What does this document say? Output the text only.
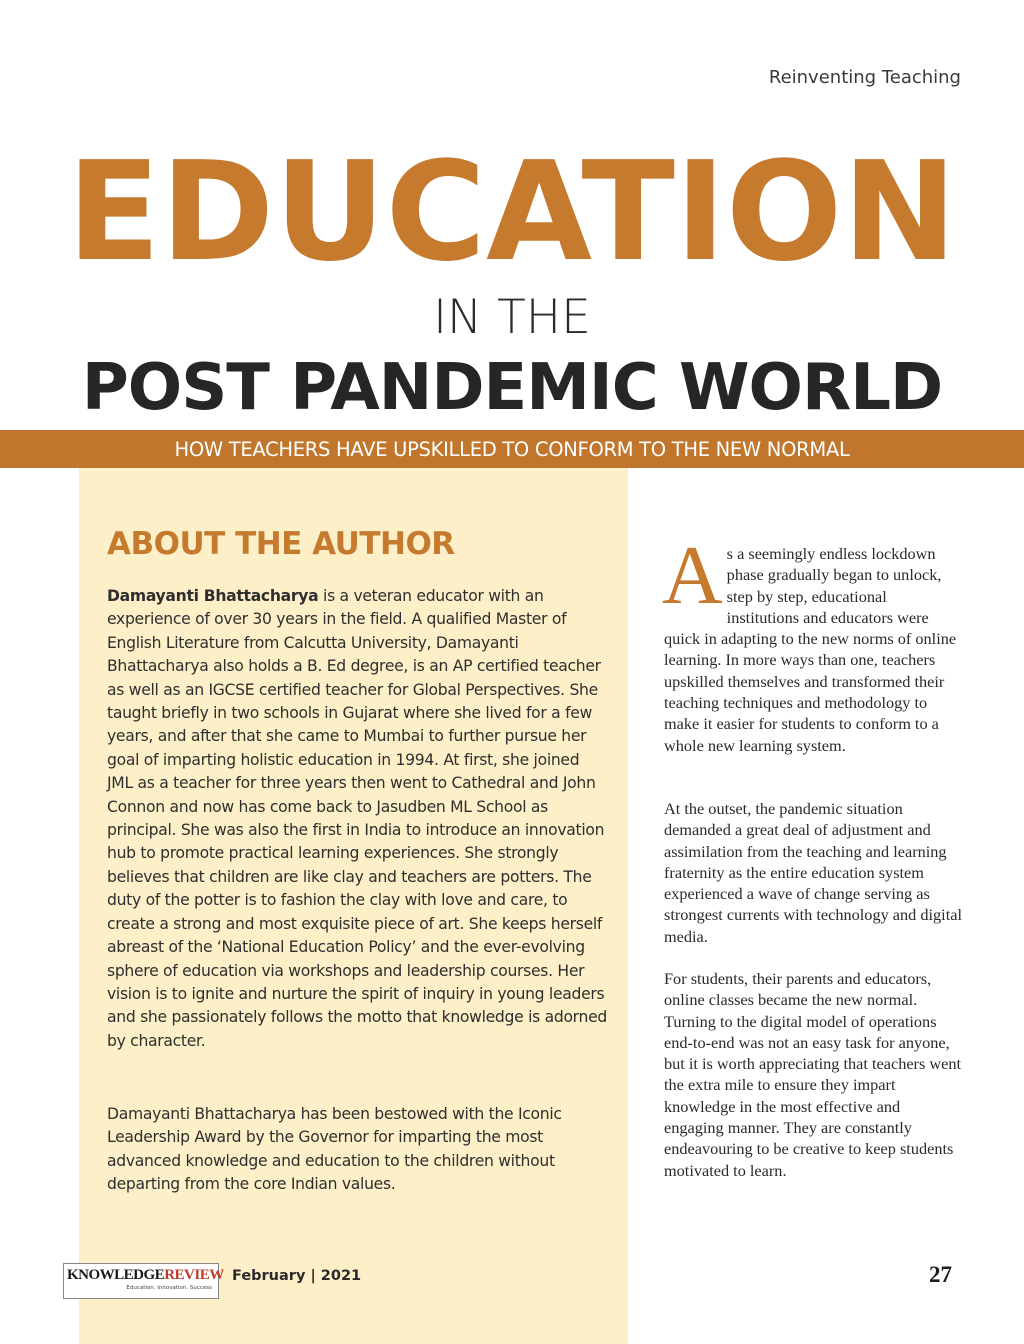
Reinventing Teaching
EDUCATION
IN THE
POST PANDEMIC WORLD
HOW TEACHERS HAVE UPSKILLED TO CONFORM TO THE NEW NORMAL
ABOUT THE AUTHOR

Damayanti Bhattacharya is a veteran educator with an experience of over 30 years in the field. A qualified Master of English Literature from Calcutta University, Damayanti Bhattacharya also holds a B. Ed degree, is an AP certified teacher as well as an IGCSE certified teacher for Global Perspectives. She taught briefly in two schools in Gujarat where she lived for a few years, and after that she came to Mumbai to further pursue her goal of imparting holistic education in 1994. At first, she joined JML as a teacher for three years then went to Cathedral and John Connon and now has come back to Jasudben ML School as principal. She was also the first in India to introduce an innovation hub to promote practical learning experiences. She strongly believes that children are like clay and teachers are potters. The duty of the potter is to fashion the clay with love and care, to create a strong and most exquisite piece of art. She keeps herself abreast of the ‘National Education Policy’ and the ever-evolving sphere of education via workshops and leadership courses. Her vision is to ignite and nurture the spirit of inquiry in young leaders and she passionately follows the motto that knowledge is adorned by character.

Damayanti Bhattacharya has been bestowed with the Iconic Leadership Award by the Governor for imparting the most advanced knowledge and education to the children without departing from the core Indian values.

As a seemingly endless lockdown phase gradually began to unlock, step by step, educational institutions and educators were quick in adapting to the new norms of online learning. In more ways than one, teachers upskilled themselves and transformed their teaching techniques and methodology to make it easier for students to conform to a whole new learning system.

At the outset, the pandemic situation demanded a great deal of adjustment and assimilation from the teaching and learning fraternity as the entire education system experienced a wave of change serving as strongest currents with technology and digital media.

For students, their parents and educators, online classes became the new normal. Turning to the digital model of operations end-to-end was not an easy task for anyone, but it is worth appreciating that teachers went the extra mile to ensure they impart knowledge in the most effective and engaging manner. They are constantly endeavouring to be creative to keep students motivated to learn.

KNOWLEDGEREVIEW
Education. Innovation. Success
February | 2021	27
